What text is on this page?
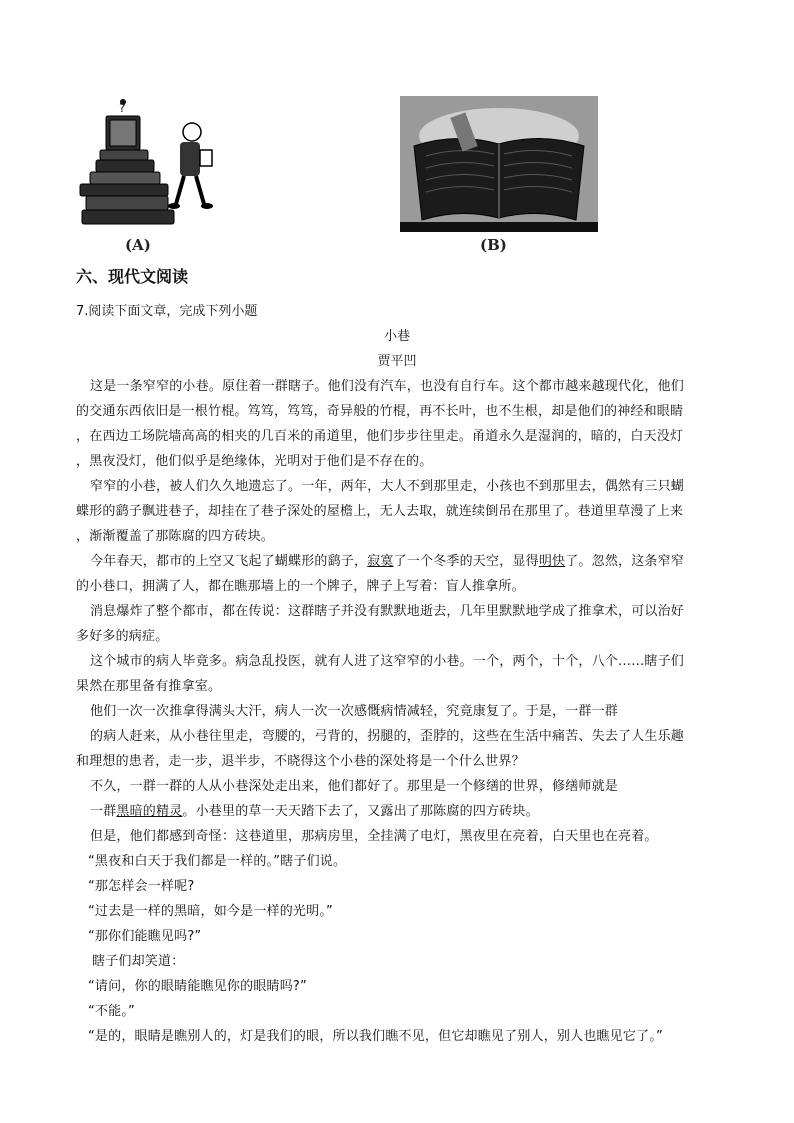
?
(A)	(B)
六、现代文阅读
7.阅读下面文章，完成下列小题
小巷
贾平凹
这是一条窄窄的小巷。原住着一群瞎子。他们没有汽车，也没有自行车。这个都市越来越现代化，他们
的交通东西依旧是一根竹棍。笃笃，笃笃，奇异般的竹棍，再不长叶，也不生根，却是他们的神经和眼睛
，在西边工场院墙高高的相夹的几百米的甬道里，他们步步往里走。甬道永久是湿润的，暗的，白天没灯
，黑夜没灯，他们似乎是绝缘体，光明对于他们是不存在的。
窄窄的小巷，被人们久久地遗忘了。一年，两年，大人不到那里走，小孩也不到那里去，偶然有三只蝴
蝶形的鹞子飘进巷子，却挂在了巷子深处的屋檐上，无人去取，就连续倒吊在那里了。巷道里草漫了上来
，渐渐覆盖了那陈腐的四方砖块。
今年春天，都市的上空又飞起了蝴蝶形的鹞子，寂寞了一个冬季的天空，显得明快了。忽然，这条窄窄
的小巷口，拥满了人，都在瞧那墙上的一个牌子，牌子上写着：盲人推拿所。
消息爆炸了整个都市，都在传说：这群瞎子并没有默默地逝去，几年里默默地学成了推拿术，可以治好
多好多的病症。
这个城市的病人毕竟多。病急乱投医，就有人进了这窄窄的小巷。一个，两个，十个，八个……瞎子们
果然在那里备有推拿室。
他们一次一次推拿得满头大汗，病人一次一次感慨病情减轻，究竟康复了。于是，一群一群
的病人赶来，从小巷往里走，弯腰的，弓背的，拐腿的，歪脖的，这些在生活中痛苦、失去了人生乐趣
和理想的患者，走一步，退半步，不晓得这个小巷的深处将是一个什么世界？
不久，一群一群的人从小巷深处走出来，他们都好了。那里是一个修缮的世界，修缮师就是
一群黑暗的精灵。小巷里的草一天天踏下去了，又露出了那陈腐的四方砖块。
但是，他们都感到奇怪：这巷道里，那病房里，全挂满了电灯，黑夜里在亮着，白天里也在亮着。
“黑夜和白天于我们都是一样的。”瞎子们说。
“那怎样会一样呢?
“过去是一样的黑暗，如今是一样的光明。”
“那你们能瞧见吗?”
瞎子们却笑道：
“请问，你的眼睛能瞧见你的眼睛吗?”
“不能。”
“是的，眼睛是瞧别人的，灯是我们的眼，所以我们瞧不见，但它却瞧见了别人，别人也瞧见它了。”
